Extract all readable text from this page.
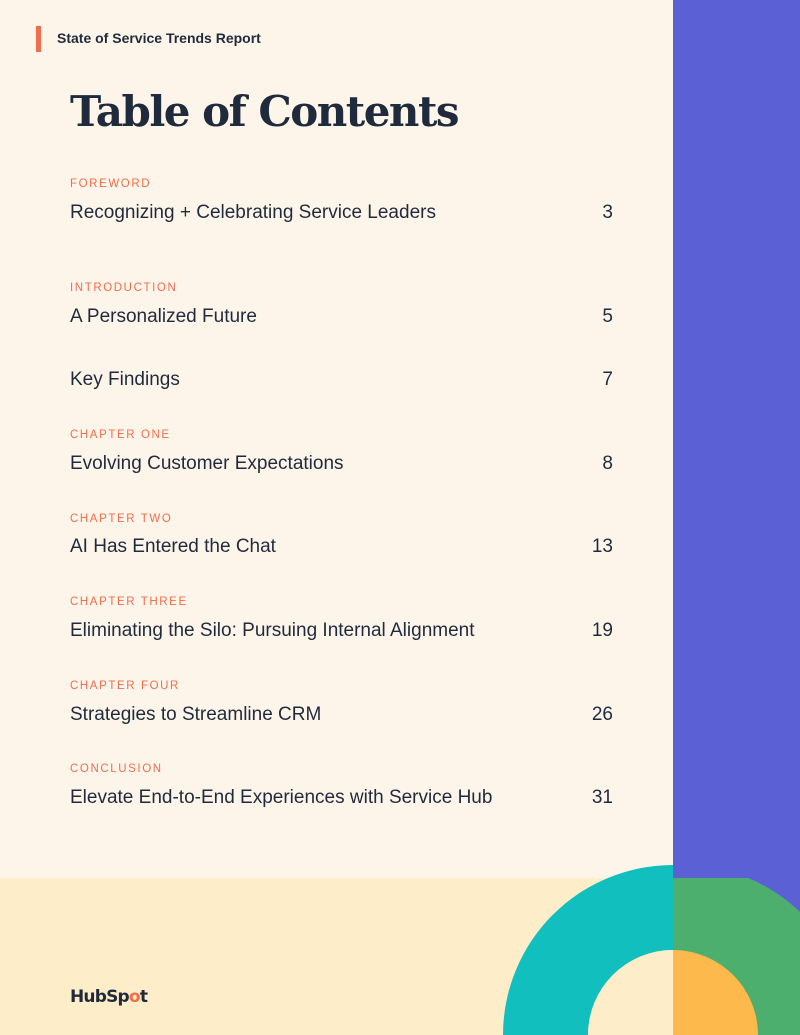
State of Service Trends Report
Table of Contents
FOREWORD
Recognizing + Celebrating Service Leaders	3
INTRODUCTION
A Personalized Future	5
Key Findings	7
CHAPTER ONE
Evolving Customer Expectations	8
CHAPTER TWO
AI Has Entered the Chat	13
CHAPTER THREE
Eliminating the Silo: Pursuing Internal Alignment	19
CHAPTER FOUR
Strategies to Streamline CRM	26
CONCLUSION
Elevate End-to-End Experiences with Service Hub	31
HubSpot
